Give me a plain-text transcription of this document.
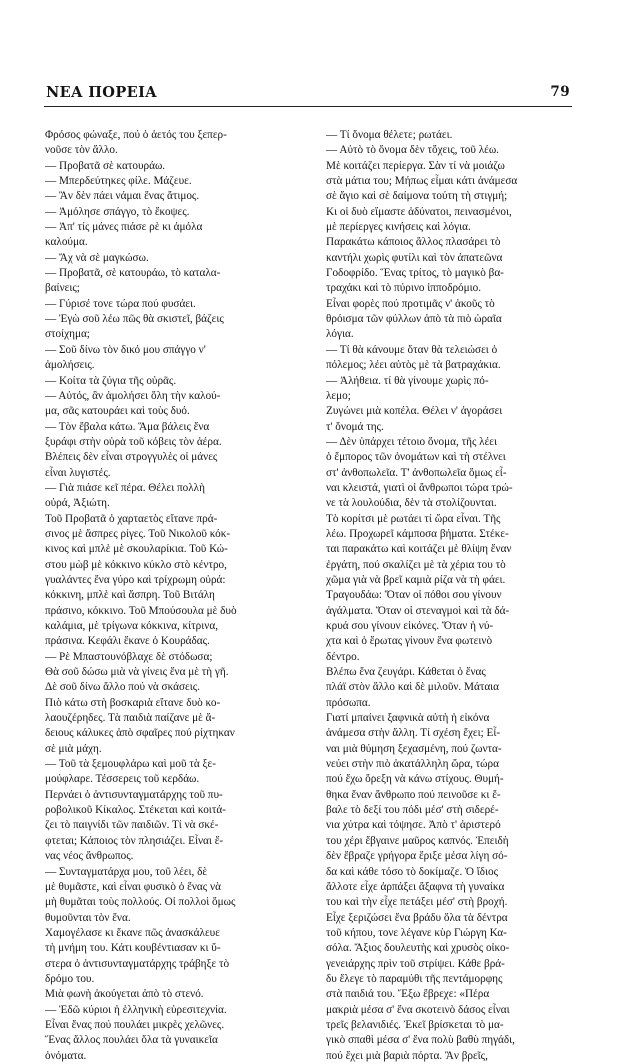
ΝΕΑ ΠΟΡΕΙΑ	79
Φρόσος φώναξε, πού ὁ ἀετός του ξεπερ-
νοῦσε τὸν ἄλλο.
— Προβατᾶ σὲ κατουράω.
— Μπερδεύτηκες φίλε. Μάζευε.
— Ἂν δὲν πάει νάμαι ἕνας ἄτιμος.
— Ἀμόλησε σπάγγο, τὸ ἔκοψες.
— Ἀπ' τίς μάνες πιάσε ρὲ κι ἀμόλα
καλούμα.
— Ἄχ νὰ σὲ μαγκώσω.
— Προβατᾶ, σὲ κατουράω, τὸ καταλα-
βαίνεις;
— Γύρισέ τονε τώρα πού φυσάει.
— Ἐγὼ σοῦ λέω πῶς θὰ σκιστεῖ, βάζεις
στοίχημα;
— Σοῦ δίνω τὸν δικό μου σπάγγο ν'
ἀμολήσεις.
— Κοίτα τὰ ζύγια τῆς οὐρᾶς.
— Αὐτός, ἂν ἀμολήσει ὅλη τὴν καλού-
μα, σᾶς κατουράει καὶ τοὺς δυό.
— Τὸν ἔβαλα κάτω. Ἅμα βάλεις ἕνα
ξυράφι στὴν οὐρὰ τοῦ κόβεις τὸν ἀέρα.
Βλέπεις δὲν εἶναι στρογγυλὲς οἱ μάνες
εἶναι λυγιστές.
— Γιὰ πιάσε κεῖ πέρα. Θέλει πολλὴ
οὐρά, Ἀξιώτη.
Τοῦ Προβατᾶ ὁ χαρταετὸς εἴτανε πρά-
σινος μὲ ἄσπρες ρίγες. Τοῦ Νικολοῦ κόκ-
κινος καὶ μπλὲ μὲ σκουλαρίκια. Τοῦ Κώ-
στου μὼβ μὲ κόκκινο κύκλο στὸ κέντρο,
γυαλάντες ἕνα γύρο καὶ τρίχρωμη οὐρά:
κόκκινη, μπλὲ καὶ ἄσπρη. Τοῦ Βιτάλη
πράσινο, κόκκινο. Τοῦ Μπούσουλα μὲ δυὸ
καλάμια, μὲ τρίγωνα κόκκινα, κίτρινα,
πράσινα. Κεφάλι ἔκανε ὁ Κουράδας.
— Ρὲ Μπαστουνόβλαχε δὲ στόδωσα;
Θὰ σοῦ δώσω μιὰ νὰ γίνεις ἕνα μὲ τὴ γῆ.
Δὲ σοῦ δίνω ἄλλο πού νὰ σκάσεις.
Πιὸ κάτω στὴ βοσκαριὰ εἴτανε δυὸ κο-
λαουζέρηδες. Τὰ παιδιὰ παίζανε μὲ ἄ-
δειους κάλυκες ἀπὸ σφαῖρες πού ρίχτηκαν
σὲ μιὰ μάχη.
— Τοῦ τὰ ξεμουφλάρω καὶ μοῦ τὰ ξε-
μούφλαρε. Τέσσερεις τοῦ κερδάω.
Περνάει ὁ ἀντισυνταγματάρχης τοῦ πυ-
ροβολικοῦ Κίκαλος. Στέκεται καὶ κοιτά-
ζει τὸ παιγνίδι τῶν παιδιῶν. Τί νὰ σκέ-
φτεται; Κάποιος τὸν πλησιάζει. Εἶναι ἕ-
νας νέος ἄνθρωπος.
— Συνταγματάρχα μου, τοῦ λέει, δὲ
μὲ θυμᾶστε, καὶ εἶναι φυσικὸ ὁ ἕνας νὰ
μὴ θυμᾶται τοὺς πολλούς. Οἱ πολλοὶ ὅμως
θυμοῦνται τὸν ἕνα.
Χαμογέλασε κι ἔκανε πῶς ἀνασκάλευε
τὴ μνήμη του. Κάτι κουβέντιασαν κι ὕ-
στερα ὁ ἀντισυνταγματάρχης τράβηξε τὸ
δρόμο του.
Μιὰ φωνὴ ἀκούγεται ἀπὸ τὸ στενό.
— Ἐδῶ κύριοι ἡ ἑλληνικὴ εὑρεσιτεχνία.
Εἶναι ἕνας πού πουλάει μικρὲς χελῶνες.
Ἕνας ἄλλος πουλάει ὅλα τὰ γυναικεῖα
ὀνόματα.
— Τί ὄνομα θέλετε; ρωτάει.
— Αὐτὸ τὸ ὄνομα δὲν τὄχεις, τοῦ λέω.
Μὲ κοιτάζει περίεργα. Σὰν τί νὰ μοιάζω
στὰ μάτια του; Μήπως εἶμαι κάτι ἀνάμεσα
σὲ ἅγιο καὶ σὲ δαίμονα τούτη τὴ στιγμή;
Κι οἱ δυὸ εἴμαστε ἀδύνατοι, πεινασμένοι,
μὲ περίεργες κινήσεις καὶ λόγια.
Παρακάτω κάποιος ἄλλος πλασάρει τὸ
καντήλι χωρὶς φυτίλι καὶ τὸν ἀπατεῶνα
Γοδοφρίδο. Ἕνας τρίτος, τὸ μαγικὸ βα-
τραχάκι καὶ τὸ πύρινο ἱπποδρόμιο.
Εἶναι φορὲς πού προτιμᾶς ν' ἀκοῦς τὸ
θρόισμα τῶν φύλλων ἀπὸ τὰ πιὸ ὡραῖα
λόγια.
— Τί θὰ κάνουμε ὅταν θὰ τελειώσει ὁ
πόλεμος; λέει αὐτὸς μὲ τὰ βατραχάκια.
— Ἀλήθεια. τί θὰ γίνουμε χωρὶς πό-
λεμο;
Ζυγώνει μιὰ κοπέλα. Θέλει ν' ἀγοράσει
τ' ὄνομά της.
— Δὲν ὑπάρχει τέτοιο ὄνομα, τῆς λέει
ὁ ἔμπορος τῶν ὀνομάτων καὶ τὴ στέλνει
στ' ἀνθοπωλεῖα. Τ' ἀνθοπωλεῖα ὅμως εἶ-
ναι κλειστά, γιατὶ οἱ ἄνθρωποι τώρα τρώ-
νε τὰ λουλούδια, δὲν τὰ στολίζουνται.
Τὸ κορίτσι μὲ ρωτάει τί ὥρα εἶναι. Τῆς
λέω. Προχωρεῖ κάμποσα βήματα. Στέκε-
ται παρακάτω καὶ κοιτάζει μὲ θλίψη ἕναν
ἐργάτη, πού σκαλίζει μὲ τὰ χέρια του τὸ
χῶμα γιὰ νὰ βρεῖ καμιὰ ρίζα νὰ τὴ φάει.
Τραγουδάω: Ὅταν οἱ πόθοι σου γίνουν
ἀγάλματα. Ὅταν οἱ στεναγμοὶ καὶ τὰ δά-
κρυά σου γίνουν εἰκόνες. Ὅταν ἡ νύ-
χτα καὶ ὁ ἔρωτας γίνουν ἕνα φωτεινὸ
δέντρο.
Βλέπω ἕνα ζευγάρι. Κάθεται ὁ ἕνας
πλάϊ στὸν ἄλλο καὶ δὲ μιλοῦν. Μάταια
πρόσωπα.
Γιατί μπαίνει ξαφνικὰ αὐτὴ ἡ εἰκόνα
ἀνάμεσα στὴν ἄλλη. Τί σχέση ἔχει; Εἶ-
ναι μιὰ θύμηση ξεχασμένη, πού ζωντα-
νεύει στὴν πιὸ ἀκατάλληλη ὥρα, τώρα
πού ἔχω ὄρεξη νὰ κάνω στίχους. Θυμή-
θηκα ἕναν ἄνθρωπο πού πεινοῦσε κι ἔ-
βαλε τὸ δεξί του πόδι μέσ' στὴ σιδερέ-
νια χύτρα καὶ τόψησε. Ἀπὸ τ' ἀριστερό
του χέρι ἔβγαινε μαῦρος καπνός. Ἐπειδὴ
δὲν ἔβραζε γρήγορα ἔριξε μέσα λίγη σό-
δα καὶ κάθε τόσο τὸ δοκίμαζε. Ὁ ἴδιος
ἄλλοτε εἶχε ἁρπάξει ἄξαφνα τὴ γυναίκα
του καὶ τὴν εἶχε πετάξει μέσ' στὴ βροχή.
Εἶχε ξεριζώσει ἕνα βράδυ ὅλα τὰ δέντρα
τοῦ κήπου, τονε λέγανε κὺρ Γιώργη Κα-
σόλα. Ἄξιος δουλευτὴς καὶ χρυσὸς οἰκο-
γενειάρχης πρὶν τοῦ στρίψει. Κάθε βρά-
δυ ἔλεγε τὸ παραμύθι τῆς πεντάμορφης
στὰ παιδιά του. Ἔξω ἔβρεχε: «Πέρα
μακριὰ μέσα σ' ἕνα σκοτεινὸ δάσος εἶναι
τρεῖς βελανιδιές. Ἐκεῖ βρίσκεται τὸ μα-
γικὸ σπαθὶ μέσα σ' ἕνα πολὺ βαθὺ πηγάδι,
πού ἔχει μιὰ βαριὰ πόρτα. Ἂν βρεῖς,
